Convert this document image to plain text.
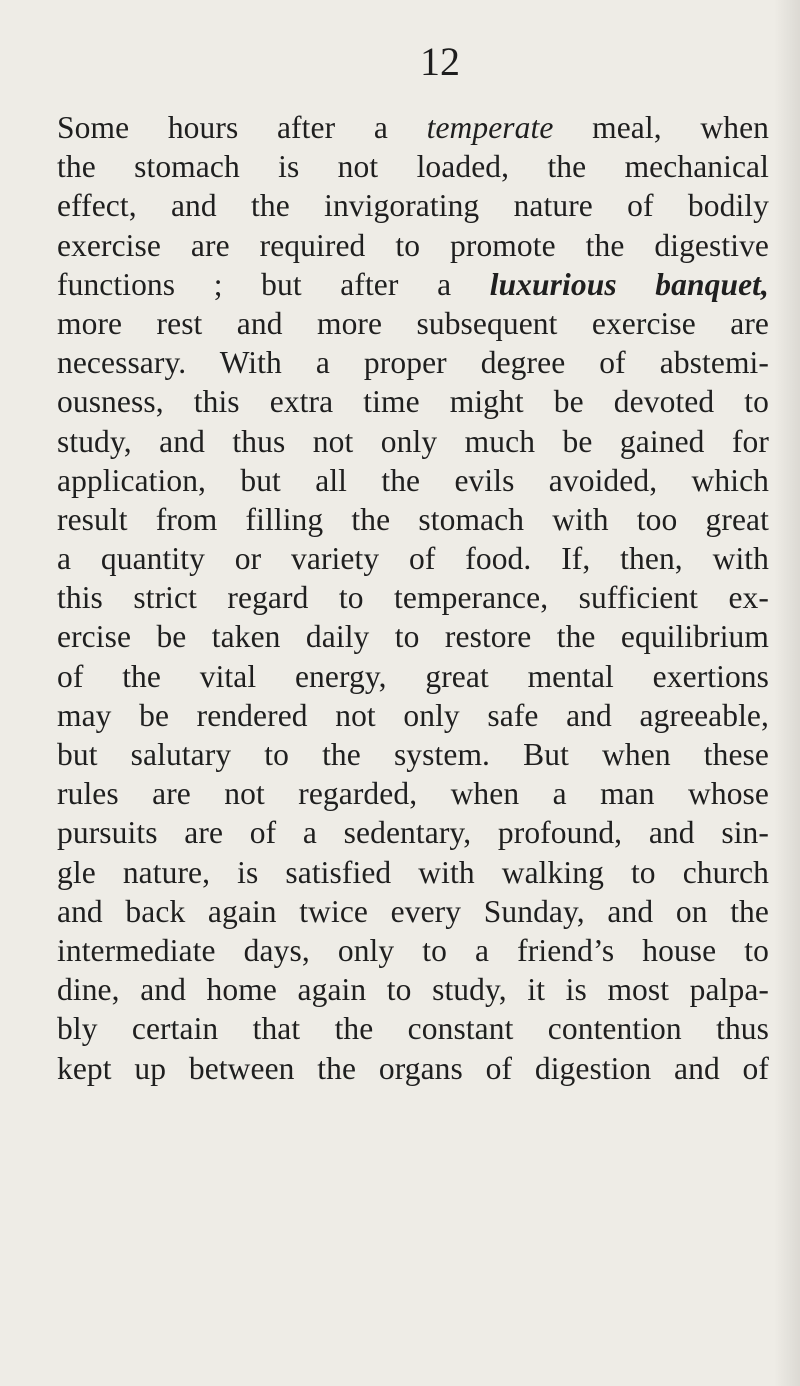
12

Some hours after a temperate meal, when
the stomach is not loaded, the mechanical
effect, and the invigorating nature of bodily
exercise are required to promote the digestive
functions ; but after a luxurious banquet,
more rest and more subsequent exercise are
necessary. With a proper degree of abstemi-
ousness, this extra time might be devoted to
study, and thus not only much be gained for
application, but all the evils avoided, which
result from filling the stomach with too great
a quantity or variety of food. If, then, with
this strict regard to temperance, sufficient ex-
ercise be taken daily to restore the equilibrium
of the vital energy, great mental exertions
may be rendered not only safe and agreeable,
but salutary to the system. But when these
rules are not regarded, when a man whose
pursuits are of a sedentary, profound, and sin-
gle nature, is satisfied with walking to church
and back again twice every Sunday, and on the
intermediate days, only to a friend’s house to
dine, and home again to study, it is most palpa-
bly certain that the constant contention thus
kept up between the organs of digestion and of
